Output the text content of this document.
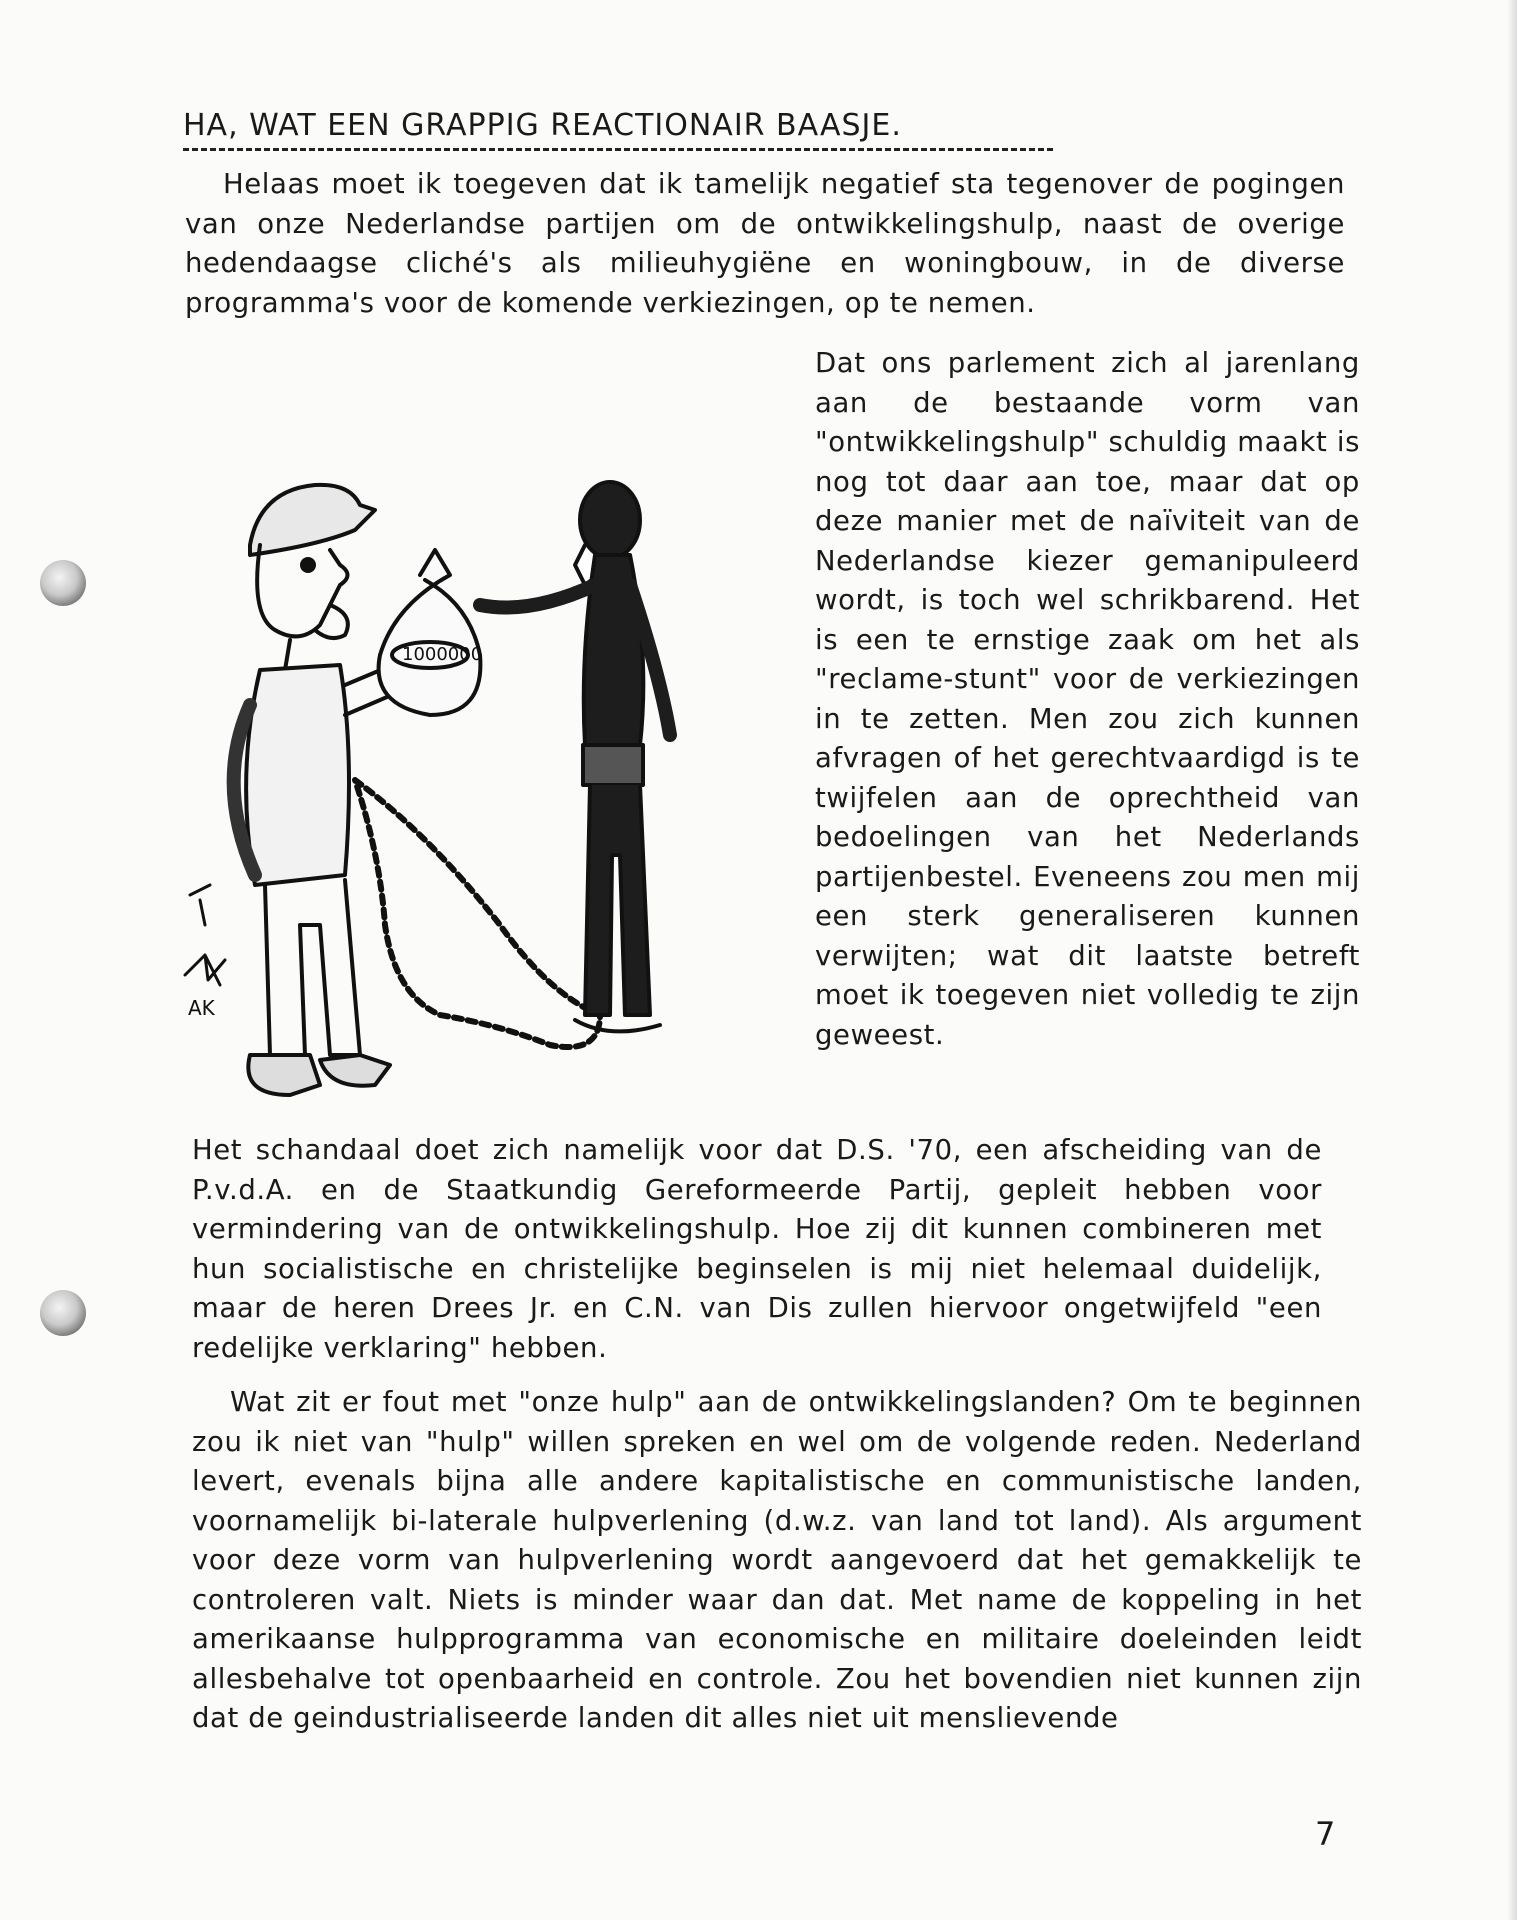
HA, WAT EEN GRAPPIG REACTIONAIR BAASJE.

Helaas moet ik toegeven dat ik tamelijk negatief sta tegenover de pogingen van onze Nederlandse partijen om de ontwikkelingshulp, naast de overige hedendaagse cliché's als milieuhygiëne en woningbouw, in de diverse programma's voor de komende verkiezingen, op te nemen.

Dat ons parlement zich al jarenlang aan de bestaande vorm van "ontwikkelingshulp" schuldig maakt is nog tot daar aan toe, maar dat op deze manier met de naïviteit van de Nederlandse kiezer gemanipuleerd wordt, is toch wel schrikbarend. Het is een te ernstige zaak om het als "reclame-stunt" voor de verkiezingen in te zetten. Men zou zich kunnen afvragen of het gerechtvaardigd is te twijfelen aan de oprechtheid van bedoelingen van het Nederlands partijenbestel. Eveneens zou men mij een sterk generaliseren kunnen verwijten; wat dit laatste betreft moet ik toegeven niet volledig te zijn geweest.

1000000
AK

Het schandaal doet zich namelijk voor dat D.S. '70, een afscheiding van de P.v.d.A. en de Staatkundig Gereformeerde Partij, gepleit hebben voor vermindering van de ontwikkelingshulp. Hoe zij dit kunnen combineren met hun socialistische en christelijke beginselen is mij niet helemaal duidelijk, maar de heren Drees Jr. en C.N. van Dis zullen hiervoor ongetwijfeld "een redelijke verklaring" hebben.

Wat zit er fout met "onze hulp" aan de ontwikkelingslanden? Om te beginnen zou ik niet van "hulp" willen spreken en wel om de volgende reden. Nederland levert, evenals bijna alle andere kapitalistische en communistische landen, voornamelijk bi-laterale hulpverlening (d.w.z. van land tot land). Als argument voor deze vorm van hulpverlening wordt aangevoerd dat het gemakkelijk te controleren valt. Niets is minder waar dan dat. Met name de koppeling in het amerikaanse hulpprogramma van economische en militaire doeleinden leidt allesbehalve tot openbaarheid en controle. Zou het bovendien niet kunnen zijn dat de geindustrialiseerde landen dit alles niet uit menslievende

7
